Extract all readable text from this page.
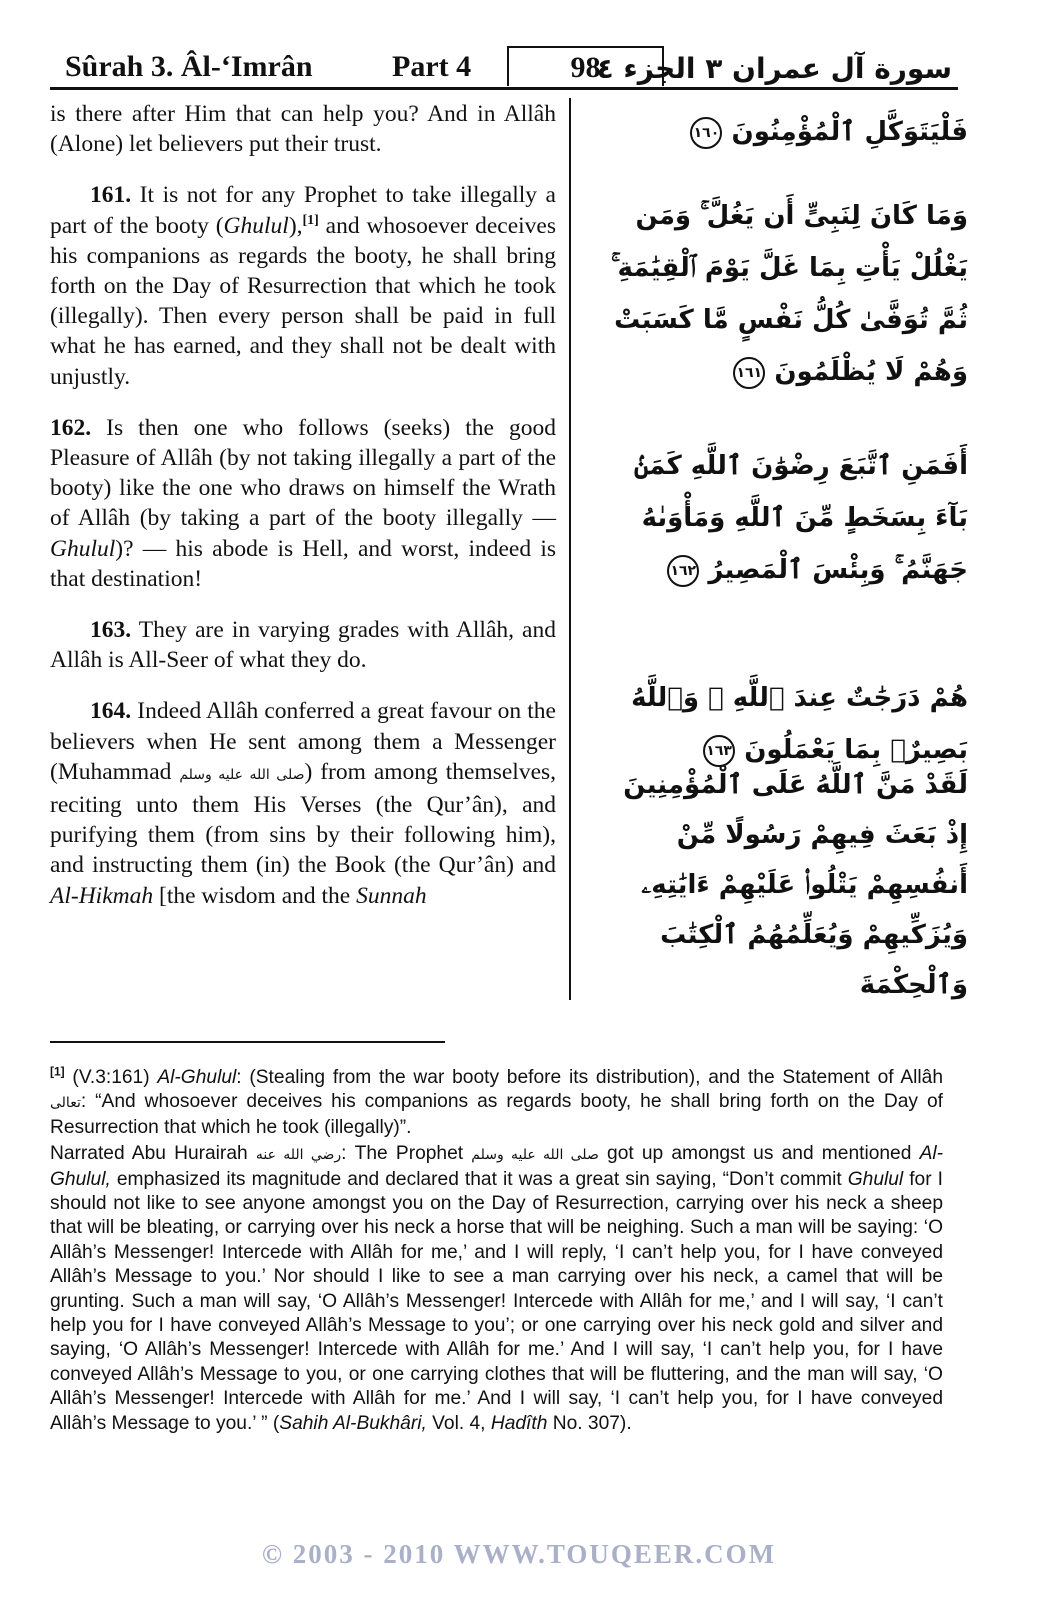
Sûrah 3. Âl-‘Imrân	Part 4	98
سورة آل عمران ٣ الجزء ٤

is there after Him that can help you? And in Allâh (Alone) let believers put their trust.

161. It is not for any Prophet to take illegally a part of the booty (Ghulul),[1] and whosoever deceives his companions as regards the booty, he shall bring forth on the Day of Resurrection that which he took (illegally). Then every person shall be paid in full what he has earned, and they shall not be dealt with unjustly.

162. Is then one who follows (seeks) the good Pleasure of Allâh (by not taking illegally a part of the booty) like the one who draws on himself the Wrath of Allâh (by taking a part of the booty illegally — Ghulul)? — his abode is Hell, and worst, indeed is that destination!

163. They are in varying grades with Allâh, and Allâh is All-Seer of what they do.

164. Indeed Allâh conferred a great favour on the believers when He sent among them a Messenger (Muhammad صلى الله عليه وسلم) from among themselves, reciting unto them His Verses (the Qur’ân), and purifying them (from sins by their following him), and instructing them (in) the Book (the Qur’ân) and Al-Hikmah [the wisdom and the Sunnah

فَلْيَتَوَكَّلِ ٱلْمُؤْمِنُونَ ١٦٠
وَمَا كَانَ لِنَبِىٍّ أَن يَغُلَّ ۚ وَمَن يَغْلُلْ يَأْتِ بِمَا غَلَّ يَوْمَ ٱلْقِيَٰمَةِ ۚ ثُمَّ تُوَفَّىٰ كُلُّ نَفْسٍ مَّا كَسَبَتْ وَهُمْ لَا يُظْلَمُونَ ١٦١
أَفَمَنِ ٱتَّبَعَ رِضْوَٰنَ ٱللَّهِ كَمَنۢ بَآءَ بِسَخَطٍ مِّنَ ٱللَّهِ وَمَأْوَىٰهُ جَهَنَّمُ ۚ وَبِئْسَ ٱلْمَصِيرُ ١٦٢
هُمْ دَرَجَٰتٌ عِندَ ٱللَّهِ ۗ وَٱللَّهُ بَصِيرٌۢ بِمَا يَعْمَلُونَ ١٦٣
لَقَدْ مَنَّ ٱللَّهُ عَلَى ٱلْمُؤْمِنِينَ إِذْ بَعَثَ فِيهِمْ رَسُولًا مِّنْ أَنفُسِهِمْ يَتْلُوا۟ عَلَيْهِمْ ءَايَٰتِهِۦ وَيُزَكِّيهِمْ وَيُعَلِّمُهُمُ ٱلْكِتَٰبَ وَٱلْحِكْمَةَ

[1] (V.3:161) Al-Ghulul: (Stealing from the war booty before its distribution), and the Statement of Allâh تعالى: “And whosoever deceives his companions as regards booty, he shall bring forth on the Day of Resurrection that which he took (illegally)”.

Narrated Abu Hurairah رضي الله عنه: The Prophet صلى الله عليه وسلم got up amongst us and mentioned Al-Ghulul, emphasized its magnitude and declared that it was a great sin saying, “Don’t commit Ghulul for I should not like to see anyone amongst you on the Day of Resurrection, carrying over his neck a sheep that will be bleating, or carrying over his neck a horse that will be neighing. Such a man will be saying: ‘O Allâh’s Messenger! Intercede with Allâh for me,’ and I will reply, ‘I can’t help you, for I have conveyed Allâh’s Message to you.’ Nor should I like to see a man carrying over his neck, a camel that will be grunting. Such a man will say, ‘O Allâh’s Messenger! Intercede with Allâh for me,’ and I will say, ‘I can’t help you for I have conveyed Allâh’s Message to you’; or one carrying over his neck gold and silver and saying, ‘O Allâh’s Messenger! Intercede with Allâh for me.’ And I will say, ‘I can’t help you, for I have conveyed Allâh’s Message to you, or one carrying clothes that will be fluttering, and the man will say, ‘O Allâh’s Messenger! Intercede with Allâh for me.’ And I will say, ‘I can’t help you, for I have conveyed Allâh’s Message to you.’ ” (Sahih Al-Bukhâri, Vol. 4, Hadîth No. 307).

© 2003 - 2010 WWW.TOUQEER.COM
